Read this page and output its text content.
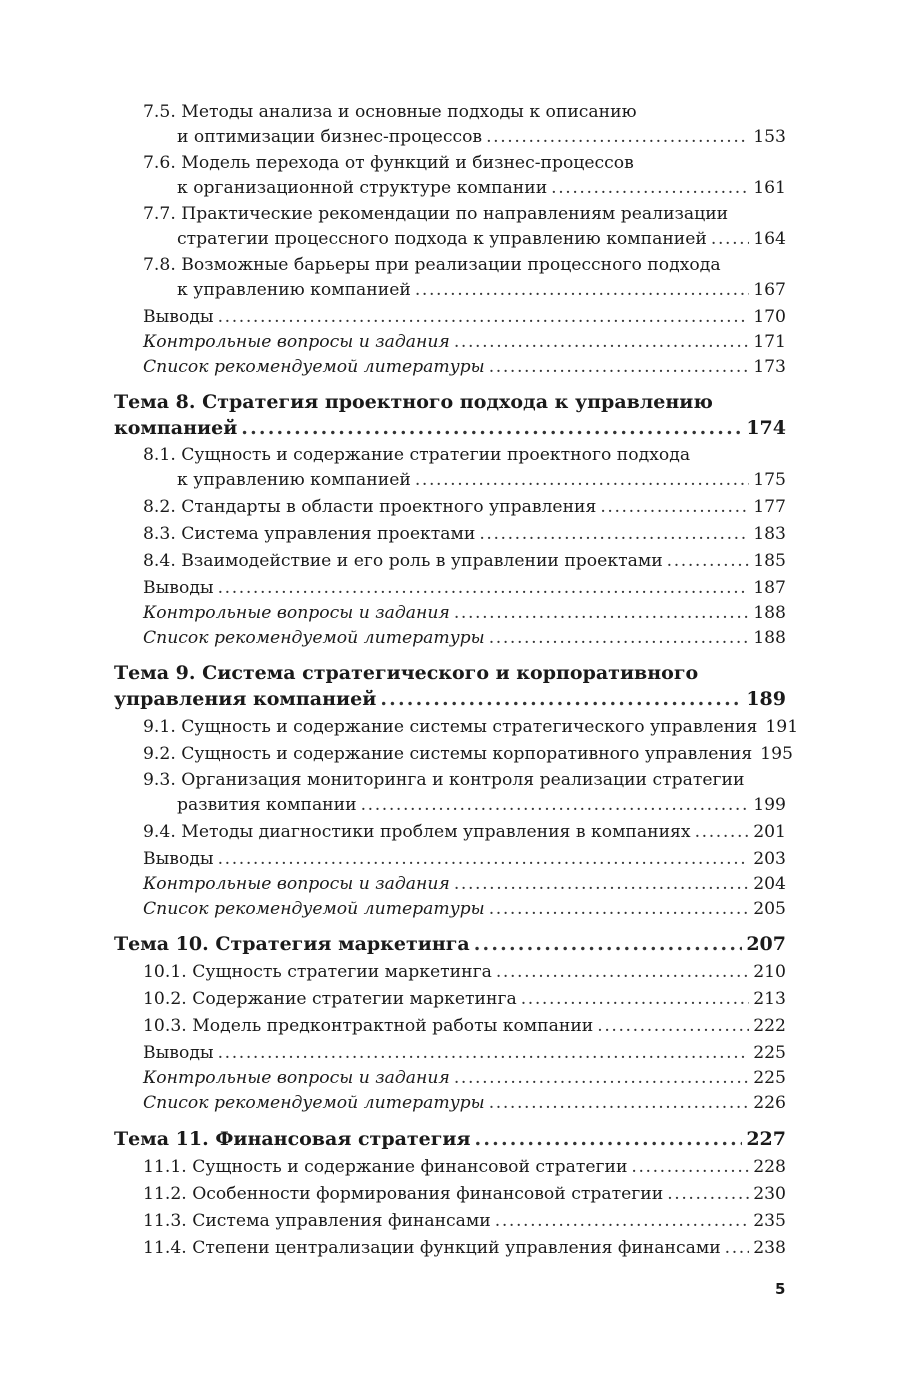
7.5. Методы анализа и основные подходы к описанию
и оптимизации бизнес-процессов .....	153
7.6. Модель перехода от функций и бизнес-процессов
к организационной структуре компании .....	161
7.7. Практические рекомендации по направлениям реализации
стратегии процессного подхода к управлению компанией .....	164
7.8. Возможные барьеры при реализации процессного подхода
к управлению компанией .....	167
Выводы .....	170
Контрольные вопросы и задания .....	171
Список рекомендуемой литературы .....	173
Тема 8. Стратегия проектного подхода к управлению
компанией .....	174
8.1. Сущность и содержание стратегии проектного подхода
к управлению компанией .....	175
8.2. Стандарты в области проектного управления .....	177
8.3. Система управления проектами .....	183
8.4. Взаимодействие и его роль в управлении проектами .....	185
Выводы .....	187
Контрольные вопросы и задания .....	188
Список рекомендуемой литературы .....	188
Тема 9. Система стратегического и корпоративного
управления компанией .....	189
9.1. Сущность и содержание системы стратегического управления 191
9.2. Сущность и содержание системы корпоративного управления 195
9.3. Организация мониторинга и контроля реализации стратегии
развития компании .....	199
9.4. Методы диагностики проблем управления в компаниях .....	201
Выводы .....	203
Контрольные вопросы и задания .....	204
Список рекомендуемой литературы .....	205
Тема 10. Стратегия маркетинга .....	207
10.1. Сущность стратегии маркетинга .....	210
10.2. Содержание стратегии маркетинга .....	213
10.3. Модель предконтрактной работы компании .....	222
Выводы .....	225
Контрольные вопросы и задания .....	225
Список рекомендуемой литературы .....	226
Тема 11. Финансовая стратегия .....	227
11.1. Сущность и содержание финансовой стратегии .....	228
11.2. Особенности формирования финансовой стратегии .....	230
11.3. Система управления финансами .....	235
11.4. Степени централизации функций управления финансами ..... 238
5
